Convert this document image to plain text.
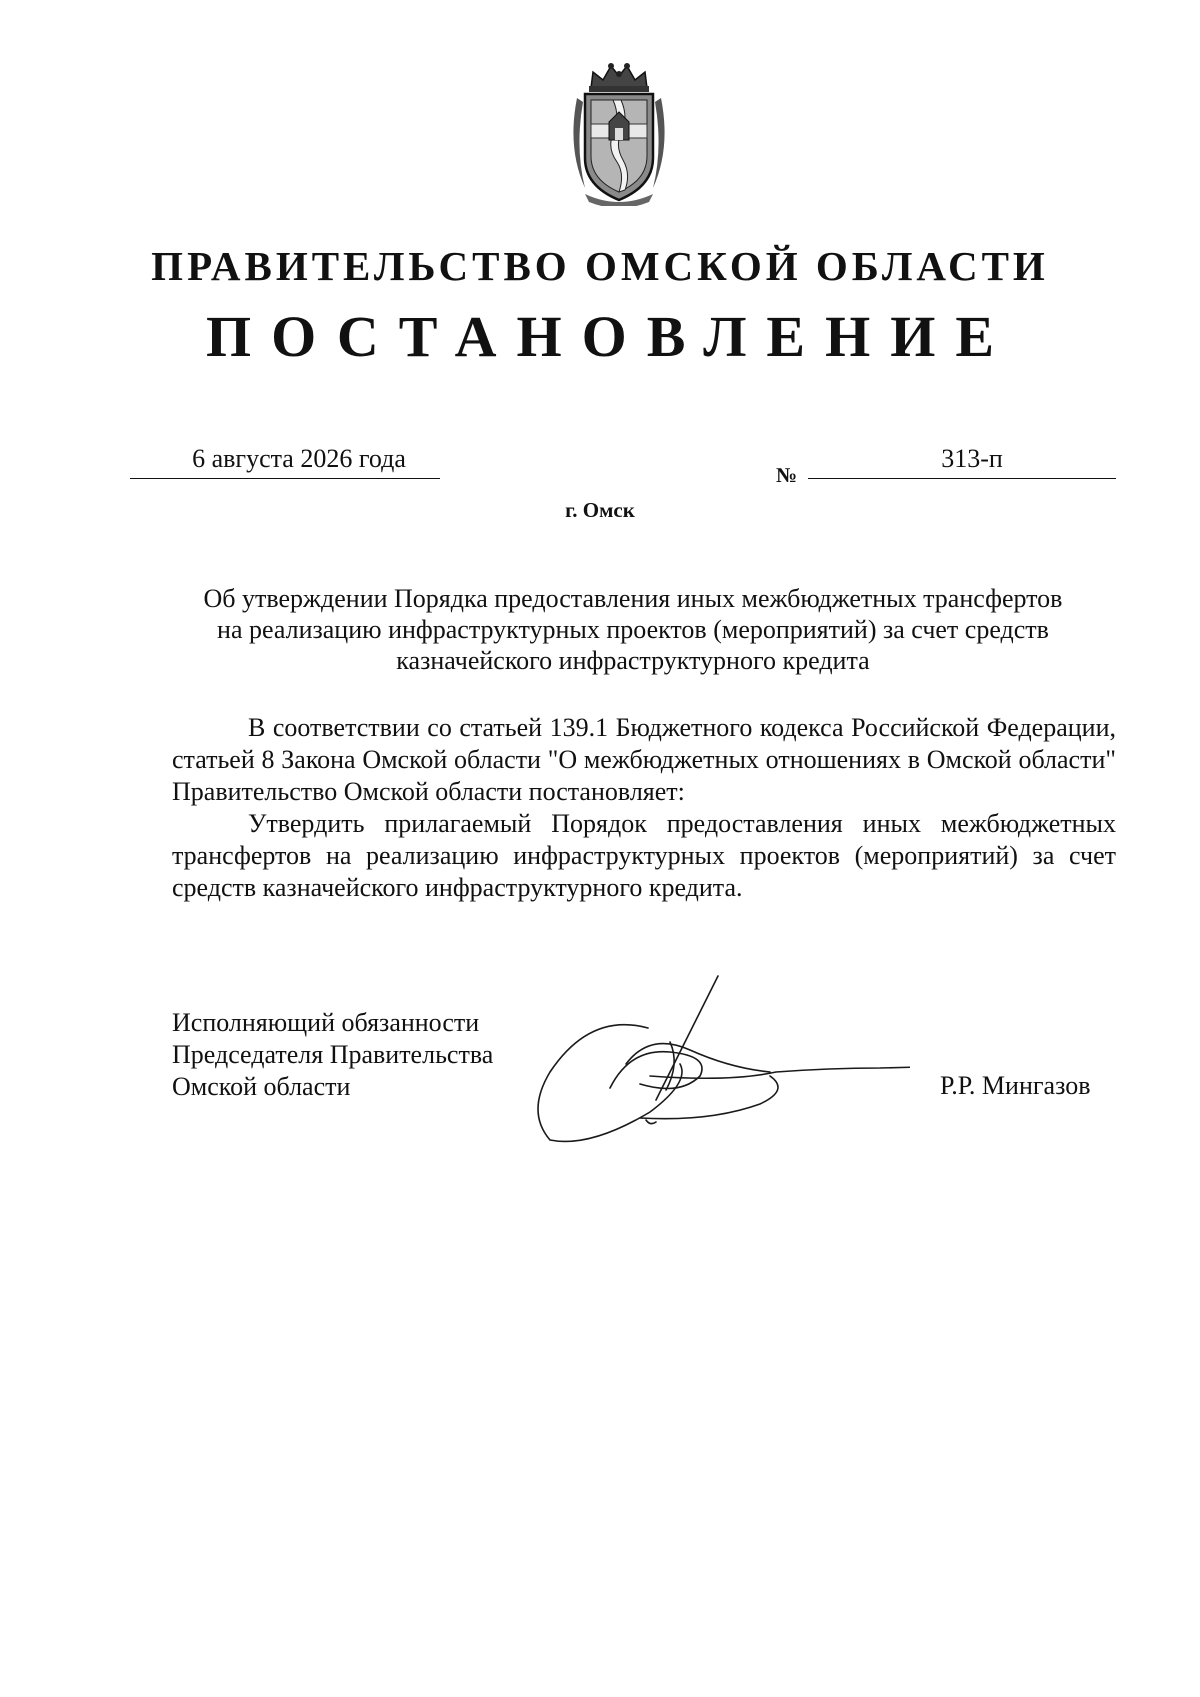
ПРАВИТЕЛЬСТВО ОМСКОЙ ОБЛАСТИ
ПОСТАНОВЛЕНИЕ
6 августа 2026 года
№
313-п
г. Омск
Об утверждении Порядка предоставления иных межбюджетных трансфертов
на реализацию инфраструктурных проектов (мероприятий) за счет средств
казначейского инфраструктурного кредита

В соответствии со статьей 139.1 Бюджетного кодекса Российской Федерации, статьей 8 Закона Омской области "О межбюджетных отношениях в Омской области" Правительство Омской области постановляет:

Утвердить прилагаемый Порядок предоставления иных межбюджетных трансфертов на реализацию инфраструктурных проектов (мероприятий) за счет средств казначейского инфраструктурного кредита.

Исполняющий обязанности
Председателя Правительства
Омской области	Р.Р. Мингазов
